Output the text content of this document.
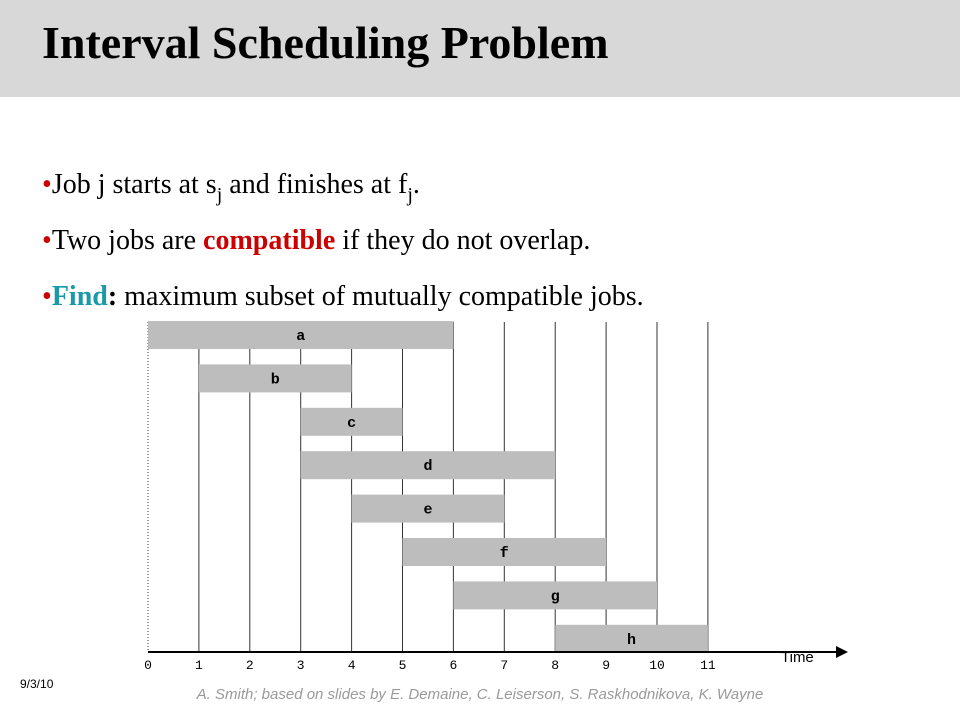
Interval Scheduling Problem
•Job j starts at $s_j$ and finishes at $f_j$.
•Two jobs are compatible if they do not overlap.
•Find: maximum subset of mutually compatible jobs.
a
b
c
d
e
f
g
h
0	1	2	3	4	5	6	7	8	9	10	11	Time
9/3/10
A. Smith; based on slides by E. Demaine, C. Leiserson, S. Raskhodnikova, K. Wayne
